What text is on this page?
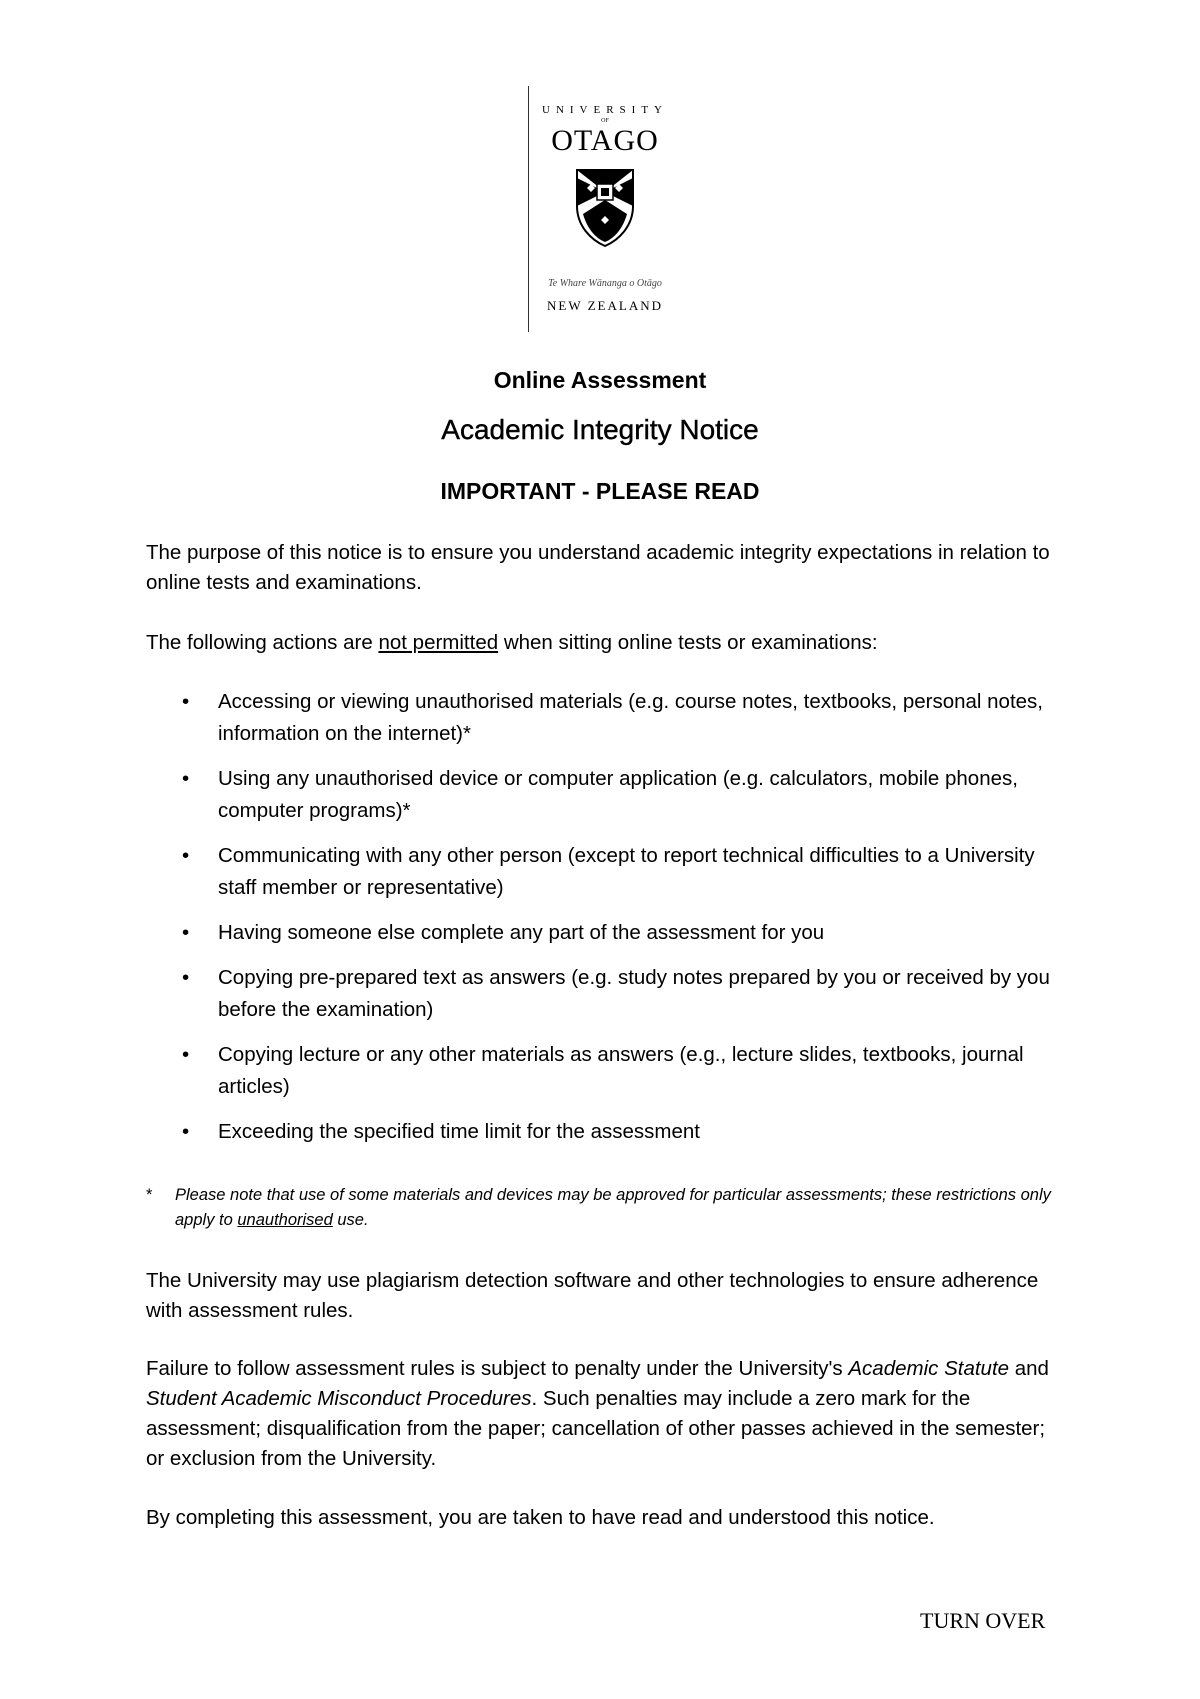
UNIVERSITY
OF
OTAGO
Te Whare Wānanga o Otāgo
NEW ZEALAND
Online Assessment
Academic Integrity Notice
IMPORTANT - PLEASE READ
The purpose of this notice is to ensure you understand academic integrity expectations in relation to online tests and examinations.
The following actions are not permitted when sitting online tests or examinations:
• Accessing or viewing unauthorised materials (e.g. course notes, textbooks, personal notes, information on the internet)*
• Using any unauthorised device or computer application (e.g. calculators, mobile phones, computer programs)*
• Communicating with any other person (except to report technical difficulties to a University staff member or representative)
• Having someone else complete any part of the assessment for you
• Copying pre-prepared text as answers (e.g. study notes prepared by you or received by you before the examination)
• Copying lecture or any other materials as answers (e.g., lecture slides, textbooks, journal articles)
• Exceeding the specified time limit for the assessment
*	Please note that use of some materials and devices may be approved for particular assessments; these restrictions only apply to unauthorised use.
The University may use plagiarism detection software and other technologies to ensure adherence with assessment rules.
Failure to follow assessment rules is subject to penalty under the University's Academic Statute and Student Academic Misconduct Procedures. Such penalties may include a zero mark for the assessment; disqualification from the paper; cancellation of other passes achieved in the semester; or exclusion from the University.
By completing this assessment, you are taken to have read and understood this notice.
TURN OVER
